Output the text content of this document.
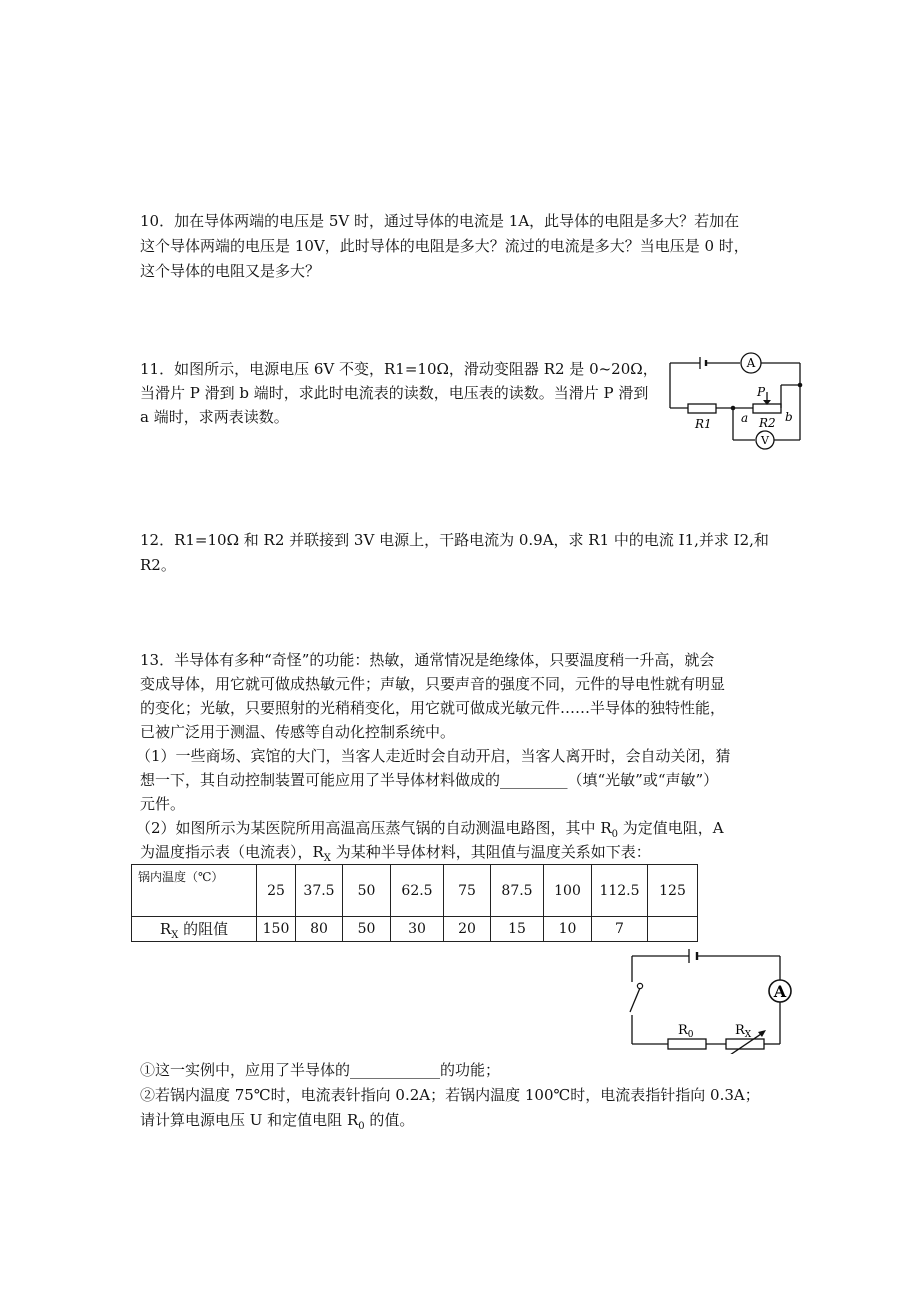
10．加在导体两端的电压是 5V 时，通过导体的电流是 1A，此导体的电阻是多大？若加在
这个导体两端的电压是 10V，此时导体的电阻是多大？流过的电流是多大？当电压是 0 时，
这个导体的电阻又是多大？
11．如图所示，电源电压 6V 不变，R1=10Ω，滑动变阻器 R2 是 0~20Ω，当滑片 P 滑到 b 端时，求此时电流表的读数，电压表的读数。当滑片 P 滑到 a 端时，求两表读数。
A
V
P
R1	R2
a	b
12．R1=10Ω 和 R2 并联接到 3V 电源上，干路电流为 0.9A，求 R1 中的电流 I1,并求 I2,和
R2。
13．半导体有多种“奇怪”的功能：热敏，通常情况是绝缘体，只要温度稍一升高，就会
变成导体，用它就可做成热敏元件；声敏，只要声音的强度不同，元件的导电性就有明显
的变化；光敏，只要照射的光稍稍变化，用它就可做成光敏元件……半导体的独特性能，
已被广泛用于测温、传感等自动化控制系统中。
（1）一些商场、宾馆的大门，当客人走近时会自动开启，当客人离开时，会自动关闭，猜
想一下，其自动控制装置可能应用了半导体材料做成的_________（填“光敏”或“声敏”）
元件。
（2）如图所示为某医院所用高温高压蒸气锅的自动测温电路图，其中 $R_0$ 为定值电阻，A
为温度指示表（电流表），$R_X$ 为某种半导体材料，其阻值与温度关系如下表：
锅内温度（℃）	25	37.5	50	62.5	75	87.5	100	112.5	125
$R_X$ 的阻值	150	80	50	30	20	15	10	7	
A
$R_0$	$R_X$
①这一实例中，应用了半导体的____________的功能；
②若锅内温度 75℃时，电流表针指向 0.2A；若锅内温度 100℃时，电流表指针指向 0.3A；
请计算电源电压 U 和定值电阻 $R_0$ 的值。
